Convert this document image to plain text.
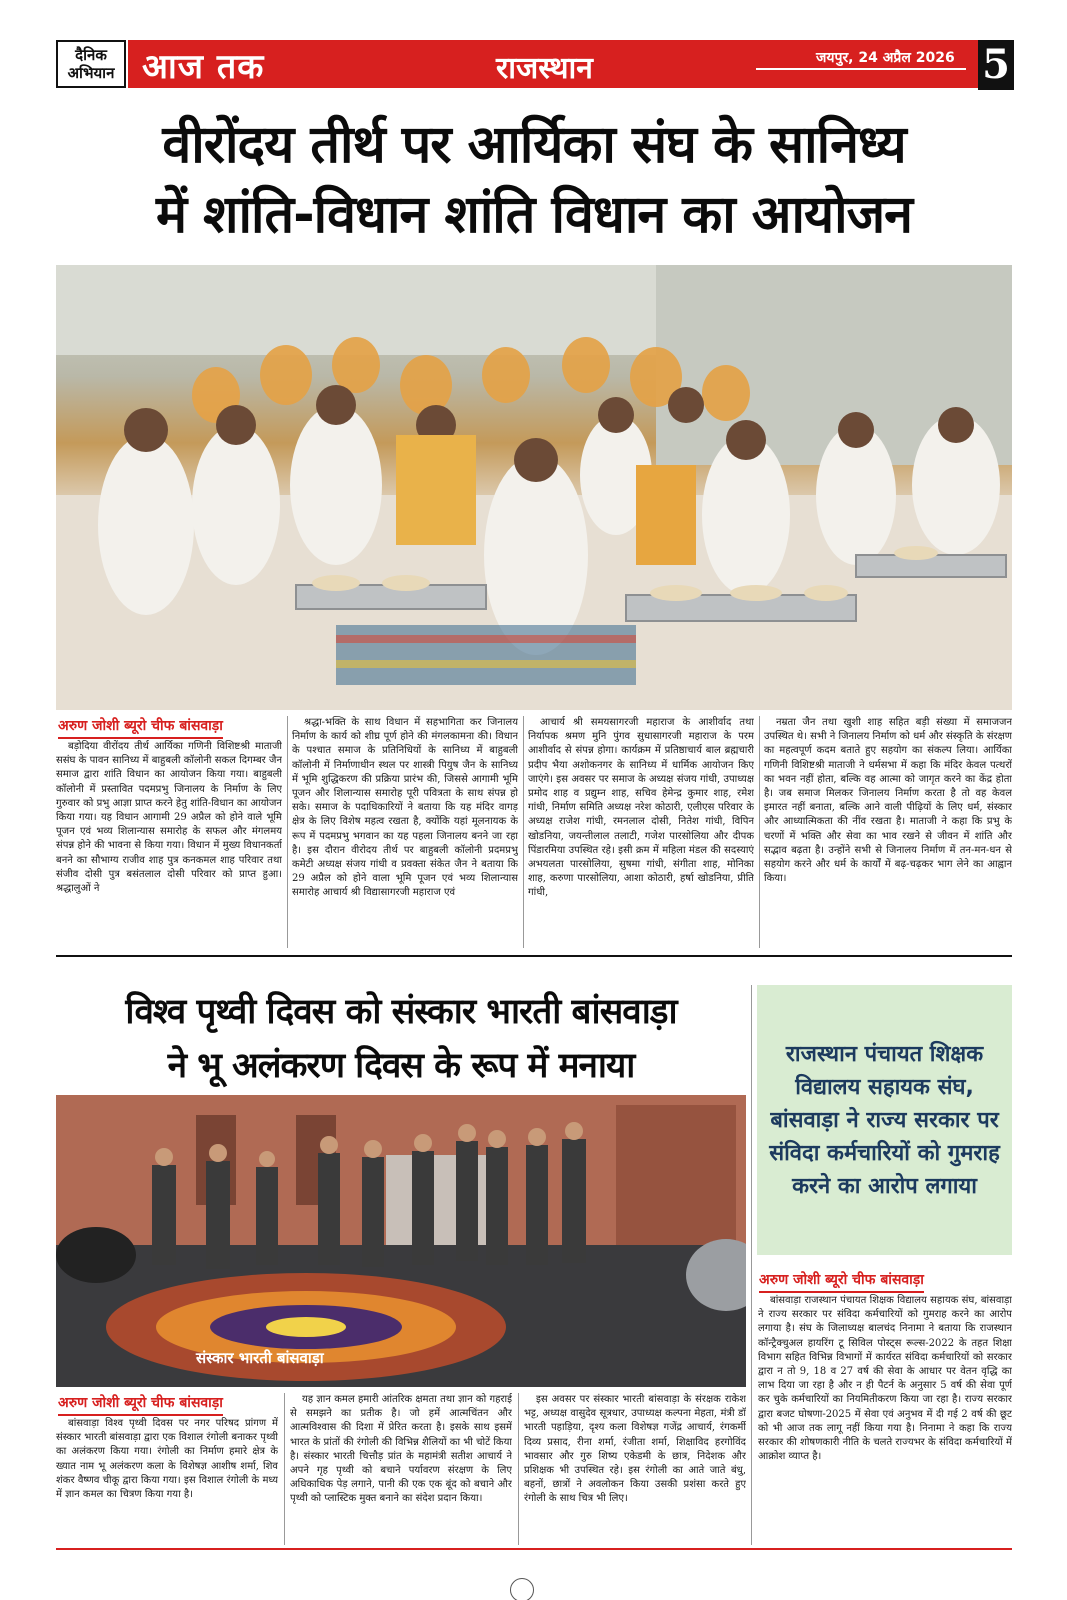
दैनिक
अभियान आज तक	राजस्थान	जयपुर, 24 अप्रैल 2026 5
वीरोंदय तीर्थ पर आर्यिका संघ के सानिध्य
में शांति-विधान शांति विधान का आयोजन
अरुण जोशी ब्यूरो चीफ बांसवाड़ा

बड़ोदिया वीरोंदय तीर्थ आर्यिका गणिनी विशिष्टश्री माताजी ससंघ के पावन सानिध्य में बाहुबली कॉलोनी सकल दिगम्बर जैन समाज द्वारा शांति विधान का आयोजन किया गया। बाहुबली कॉलोनी में प्रस्तावित पदमप्रभु जिनालय के निर्माण के लिए गुरुवार को प्रभु आज्ञा प्राप्त करने हेतु शांति-विधान का आयोजन किया गया। यह विधान आगामी 29 अप्रैल को होने वाले भूमि पूजन एवं भव्य शिलान्यास समारोह के सफल और मंगलमय संपन्न होने की भावना से किया गया। विधान में मुख्य विधानकर्ता बनने का सौभाग्य राजीव शाह पुत्र कनकमल शाह परिवार तथा संजीव दोसी पुत्र बसंतलाल दोसी परिवार को प्राप्त हुआ। श्रद्धालुओं ने

श्रद्धा-भक्ति के साथ विधान में सहभागिता कर जिनालय निर्माण के कार्य को शीघ्र पूर्ण होने की मंगलकामना की। विधान के पश्चात समाज के प्रतिनिधियों के सानिध्य में बाहुबली कॉलोनी में निर्माणाधीन स्थल पर शास्त्री पियुष जैन के सानिध्य में भूमि शुद्धिकरण की प्रक्रिया प्रारंभ की, जिससे आगामी भूमि पूजन और शिलान्यास समारोह पूरी पवित्रता के साथ संपन्न हो सके। समाज के पदाधिकारियों ने बताया कि यह मंदिर वागड़ क्षेत्र के लिए विशेष महत्व रखता है, क्योंकि यहां मूलनायक के रूप में पदमप्रभु भगवान का यह पहला जिनालय बनने जा रहा है। इस दौरान वीरोदय तीर्थ पर बाहुबली कॉलोनी प्रदमप्रभु कमेटी अध्यक्ष संजय गांधी व प्रवक्ता संकेत जैन ने बताया कि 29 अप्रैल को होने वाला भूमि पूजन एवं भव्य शिलान्यास समारोह आचार्य श्री विद्यासागरजी महाराज एवं

आचार्य श्री समयसागरजी महाराज के आशीर्वाद तथा निर्यापक श्रमण मुनि पुंगव सुधासागरजी महाराज के परम आशीर्वाद से संपन्न होगा। कार्यक्रम में प्रतिष्ठाचार्य बाल ब्रह्मचारी प्रदीप भैया अशोकनगर के सानिध्य में धार्मिक आयोजन किए जाएंगे। इस अवसर पर समाज के अध्यक्ष संजय गांधी, उपाध्यक्ष प्रमोद शाह व प्रद्युम्न शाह, सचिव हेमेन्द्र कुमार शाह, रमेश गांधी, निर्माण समिति अध्यक्ष नरेश कोठारी, एलीएस परिवार के अध्यक्ष राजेश गांधी, रमनलाल दोसी, नितेश गांधी, विपिन खोडनिया, जयन्तीलाल तलाटी, गजेश पारसोलिया और दीपक पिंडारमिया उपस्थित रहे। इसी क्रम में महिला मंडल की सदस्याएं अभयलता पारसोलिया, सुषमा गांधी, संगीता शाह, मोनिका शाह, करुणा पारसोलिया, आशा कोठारी, हर्षा खोडनिया, प्रीति गांधी,

नम्रता जैन तथा खुशी शाह सहित बड़ी संख्या में समाजजन उपस्थित थे। सभी ने जिनालय निर्माण को धर्म और संस्कृति के संरक्षण का महत्वपूर्ण कदम बताते हुए सहयोग का संकल्प लिया। आर्यिका गणिनी विशिष्टश्री माताजी ने धर्मसभा में कहा कि मंदिर केवल पत्थरों का भवन नहीं होता, बल्कि वह आत्मा को जागृत करने का केंद्र होता है। जब समाज मिलकर जिनालय निर्माण करता है तो वह केवल इमारत नहीं बनाता, बल्कि आने वाली पीढ़ियों के लिए धर्म, संस्कार और आध्यात्मिकता की नींव रखता है। माताजी ने कहा कि प्रभु के चरणों में भक्ति और सेवा का भाव रखने से जीवन में शांति और सद्भाव बढ़ता है। उन्होंने सभी से जिनालय निर्माण में तन-मन-धन से सहयोग करने और धर्म के कार्यों में बढ़-चढ़कर भाग लेने का आह्वान किया।

विश्व पृथ्वी दिवस को संस्कार भारती बांसवाड़ा
ने भू अलंकरण दिवस के रूप में मनाया
संस्कार भारती बांसवाड़ा
अरुण जोशी ब्यूरो चीफ बांसवाड़ा

बांसवाड़ा विश्व पृथ्वी दिवस पर नगर परिषद प्रांगण में संस्कार भारती बांसवाड़ा द्वारा एक विशाल रंगोली बनाकर पृथ्वी का अलंकरण किया गया। रंगोली का निर्माण हमारे क्षेत्र के ख्यात नाम भू अलंकरण कला के विशेषज्ञ आशीष शर्मा, शिव शंकर वैष्णव चीकू द्वारा किया गया। इस विशाल रंगोली के मध्य में ज्ञान कमल का चित्रण किया गया है।

यह ज्ञान कमल हमारी आंतरिक क्षमता तथा ज्ञान को गहराई से समझने का प्रतीक है। जो हमें आत्मचिंतन और आत्मविश्वास की दिशा में प्रेरित करता है। इसके साथ इसमें भारत के प्रांतों की रंगोली की विभिन्न शैलियों का भी चोटें किया है। संस्कार भारती चित्तौड़ प्रांत के महामंत्री सतीश आचार्य ने अपने गृह पृथ्वी को बचाने पर्यावरण संरक्षण के लिए अधिकाधिक पेड़ लगाने, पानी की एक एक बूंद को बचाने और पृथ्वी को प्लास्टिक मुक्त बनाने का संदेश प्रदान किया।

इस अवसर पर संस्कार भारती बांसवाड़ा के संरक्षक राकेश भट्ट, अध्यक्ष वासुदेव सूत्रधार, उपाध्यक्ष कल्पना मेहता, मंत्री डॉ भारती पहाड़िया, दृश्य कला विशेषज्ञ गजेंद्र आचार्य, रंगकर्मी दिव्य प्रसाद, रीना शर्मा, रंजीता शर्मा, शिक्षाविद हरगोविंद भावसार और गुरु शिष्य एकेडमी के छात्र, निदेशक और प्रशिक्षक भी उपस्थित रहे। इस रंगोली का आते जाते बंधु, बहनों, छात्रों ने अवलोकन किया उसकी प्रशंसा करते हुए रंगोली के साथ चित्र भी लिए।

राजस्थान पंचायत शिक्षक विद्यालय सहायक संघ, बांसवाड़ा ने राज्य सरकार पर संविदा कर्मचारियों को गुमराह करने का आरोप लगाया
अरुण जोशी ब्यूरो चीफ बांसवाड़ा

बांसवाड़ा राजस्थान पंचायत शिक्षक विद्यालय सहायक संघ, बांसवाड़ा ने राज्य सरकार पर संविदा कर्मचारियों को गुमराह करने का आरोप लगाया है। संघ के जिलाध्यक्ष बालचंद निनामा ने बताया कि राजस्थान कॉन्ट्रैक्चुअल हायरिंग टू सिविल पोस्ट्स रूल्स-2022 के तहत शिक्षा विभाग सहित विभिन्न विभागों में कार्यरत संविदा कर्मचारियों को सरकार द्वारा न तो 9, 18 व 27 वर्ष की सेवा के आधार पर वेतन वृद्धि का लाभ दिया जा रहा है और न ही पैटर्न के अनुसार 5 वर्ष की सेवा पूर्ण कर चुके कर्मचारियों का नियमितीकरण किया जा रहा है। राज्य सरकार द्वारा बजट घोषणा-2025 में सेवा एवं अनुभव में दी गई 2 वर्ष की छूट को भी आज तक लागू नहीं किया गया है। निनामा ने कहा कि राज्य सरकार की शोषणकारी नीति के चलते राज्यभर के संविदा कर्मचारियों में आक्रोश व्याप्त है।
